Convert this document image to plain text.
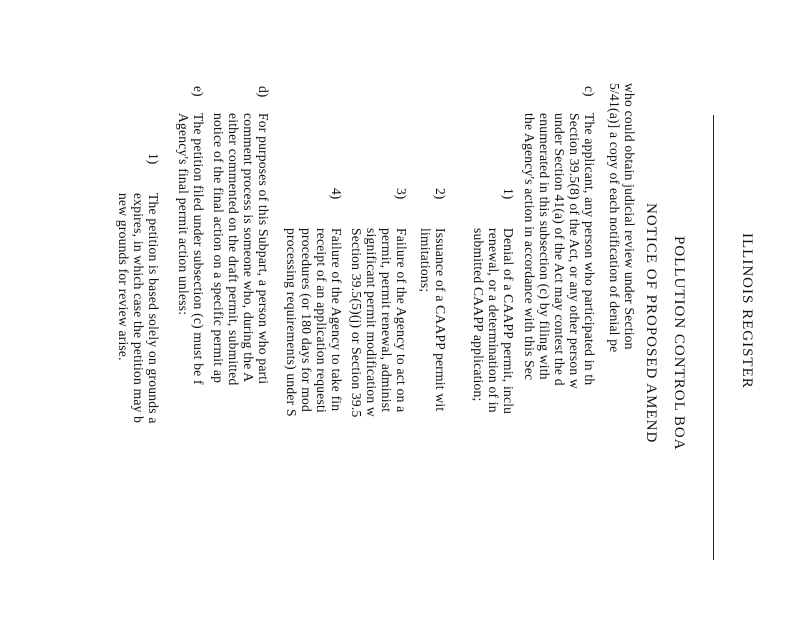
ILLINOIS REGISTER
POLLUTION CONTROL BOA
NOTICE OF PROPOSED AMEND
who could obtain judicial review under Section
5/41(a)] a copy of each notification of denial pe
c)
The applicant, any person who participated in th
Section 39.5(8) of the Act, or any other person w
under Section 41(a) of the Act may contest the d
enumerated in this subsection (c) by filing with
the Agency's action in accordance with this Sec
1)
Denial of a CAAPP permit, inclu
renewal, or a determination of in
submitted CAAPP application;
2)
Issuance of a CAAPP permit wit
limitations;
3)
Failure of the Agency to act on a
permit, permit renewal, administ
significant permit modification w
Section 39.5(5)(j) or Section 39.5
4)
Failure of the Agency to take fin
receipt of an application requesti
procedures (or 180 days for mod
processing requirements) under S
d)
For purposes of this Subpart, a person who parti
comment process is someone who, during the A
either commented on the draft permit, submitted
notice of the final action on a specific permit ap
e)
The petition filed under subsection (c) must be f
Agency's final permit action unless:
1)
The petition is based solely on grounds a
expires, in which case the petition may b
new grounds for review arise.
